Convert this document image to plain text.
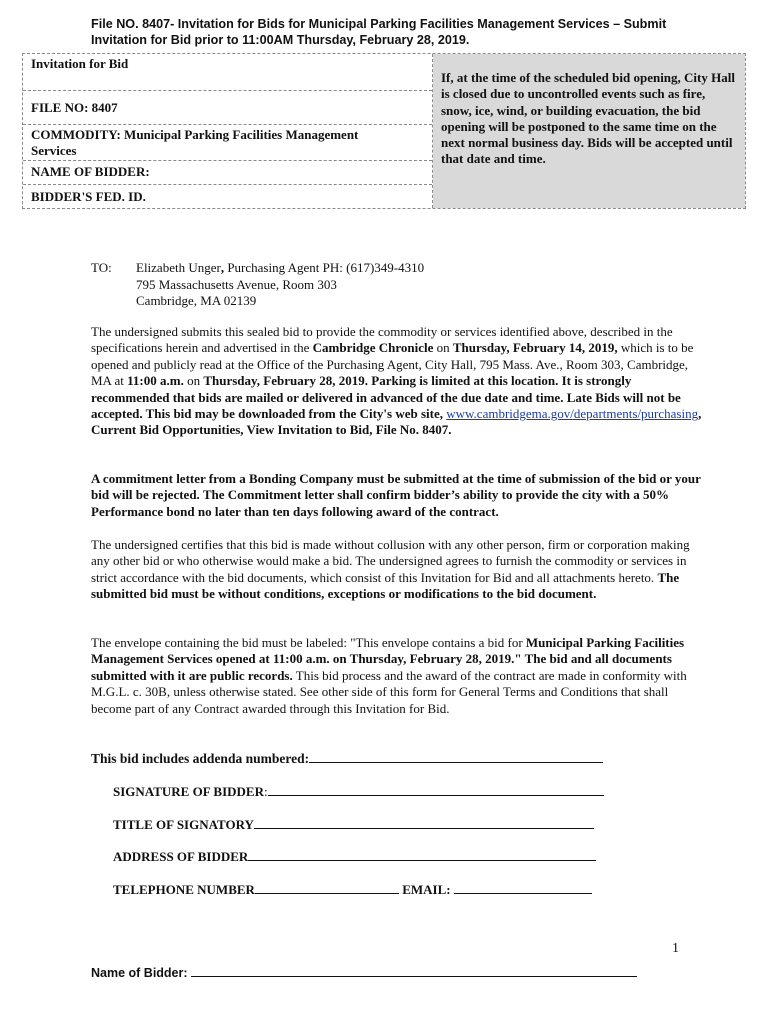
File NO. 8407- Invitation for Bids for Municipal Parking Facilities Management Services – Submit
Invitation for Bid prior to 11:00AM Thursday, February 28, 2019.
Invitation for Bid
FILE NO: 8407
COMMODITY: Municipal Parking Facilities Management
Services
NAME OF BIDDER:
BIDDER'S FED. ID.
If, at the time of the scheduled bid opening, City Hall is closed due to uncontrolled events such as fire, snow, ice, wind, or building evacuation, the bid opening will be postponed to the same time on the next normal business day. Bids will be accepted until that date and time.
TO: Elizabeth Unger, Purchasing Agent PH: (617)349-4310
795 Massachusetts Avenue, Room 303
Cambridge, MA 02139

The undersigned submits this sealed bid to provide the commodity or services identified above, described in the specifications herein and advertised in the Cambridge Chronicle on Thursday, February 14, 2019, which is to be opened and publicly read at the Office of the Purchasing Agent, City Hall, 795 Mass. Ave., Room 303, Cambridge, MA at 11:00 a.m. on Thursday, February 28, 2019. Parking is limited at this location. It is strongly recommended that bids are mailed or delivered in advanced of the due date and time. Late Bids will not be accepted. This bid may be downloaded from the City's web site, www.cambridgema.gov/departments/purchasing, Current Bid Opportunities, View Invitation to Bid, File No. 8407.

A commitment letter from a Bonding Company must be submitted at the time of submission of the bid or your bid will be rejected. The Commitment letter shall confirm bidder’s ability to provide the city with a 50% Performance bond no later than ten days following award of the contract.

The undersigned certifies that this bid is made without collusion with any other person, firm or corporation making any other bid or who otherwise would make a bid. The undersigned agrees to furnish the commodity or services in strict accordance with the bid documents, which consist of this Invitation for Bid and all attachments hereto. The submitted bid must be without conditions, exceptions or modifications to the bid document.

The envelope containing the bid must be labeled: "This envelope contains a bid for Municipal Parking Facilities Management Services opened at 11:00 a.m. on Thursday, February 28, 2019." The bid and all documents submitted with it are public records. This bid process and the award of the contract are made in conformity with M.G.L. c. 30B, unless otherwise stated. See other side of this form for General Terms and Conditions that shall become part of any Contract awarded through this Invitation for Bid.

This bid includes addenda numbered:
SIGNATURE OF BIDDER:
TITLE OF SIGNATORY
ADDRESS OF BIDDER
TELEPHONE NUMBER	EMAIL:
1
Name of Bidder:
